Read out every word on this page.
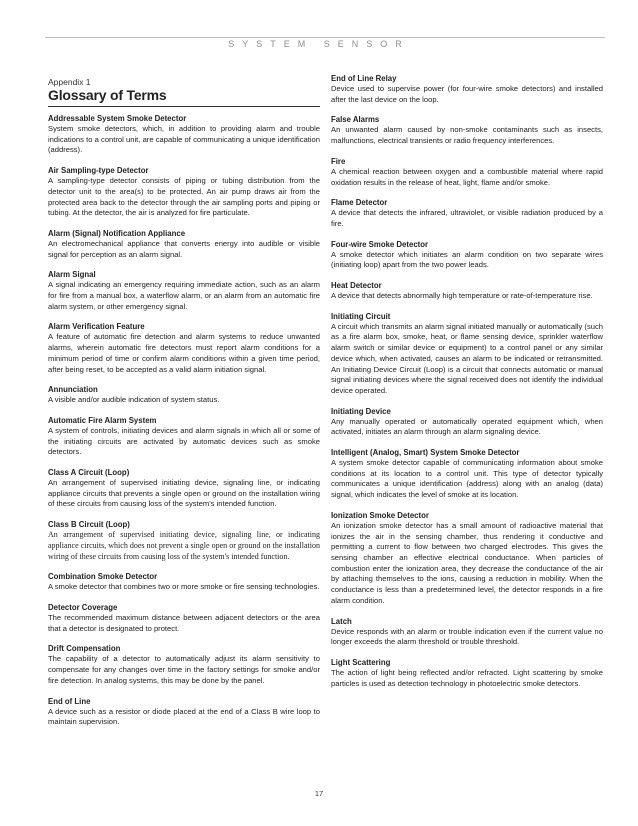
SYSTEM SENSOR
Appendix 1
Glossary of Terms
Addressable System Smoke Detector
System smoke detectors, which, in addition to providing alarm and trouble indications to a control unit, are capable of communicating a unique identification (address).
Air Sampling-type Detector
A sampling-type detector consists of piping or tubing distribution from the detector unit to the area(s) to be protected. An air pump draws air from the protected area back to the detector through the air sampling ports and piping or tubing. At the detector, the air is analyzed for fire particulate.
Alarm (Signal) Notification Appliance
An electromechanical appliance that converts energy into audible or visible signal for perception as an alarm signal.
Alarm Signal
A signal indicating an emergency requiring immediate action, such as an alarm for fire from a manual box, a waterflow alarm, or an alarm from an automatic fire alarm system, or other emergency signal.
Alarm Verification Feature
A feature of automatic fire detection and alarm systems to reduce unwanted alarms, wherein automatic fire detectors must report alarm conditions for a minimum period of time or confirm alarm conditions within a given time period, after being reset, to be accepted as a valid alarm initiation signal.
Annunciation
A visible and/or audible indication of system status.
Automatic Fire Alarm System
A system of controls, initiating devices and alarm signals in which all or some of the initiating circuits are activated by automatic devices such as smoke detectors.
Class A Circuit (Loop)
An arrangement of supervised initiating device, signaling line, or indicating appliance circuits that prevents a single open or ground on the installation wiring of these circuits from causing loss of the system's intended function.
Class B Circuit (Loop)
An arrangement of supervised initiating device, signaling line, or indicating appliance circuits, which does not prevent a single open or ground on the installation wiring of these circuits from causing loss of the system's intended function.
Combination Smoke Detector
A smoke detector that combines two or more smoke or fire sensing technologies.
Detector Coverage
The recommended maximum distance between adjacent detectors or the area that a detector is designated to protect.
Drift Compensation
The capability of a detector to automatically adjust its alarm sensitivity to compensate for any changes over time in the factory settings for smoke and/or fire detection. In analog systems, this may be done by the panel.
End of Line
A device such as a resistor or diode placed at the end of a Class B wire loop to maintain supervision.
End of Line Relay
Device used to supervise power (for four-wire smoke detectors) and installed after the last device on the loop.
False Alarms
An unwanted alarm caused by non-smoke contaminants such as insects, malfunctions, electrical transients or radio frequency interferences.
Fire
A chemical reaction between oxygen and a combustible material where rapid oxidation results in the release of heat, light, flame and/or smoke.
Flame Detector
A device that detects the infrared, ultraviolet, or visible radiation produced by a fire.
Four-wire Smoke Detector
A smoke detector which initiates an alarm condition on two separate wires (initiating loop) apart from the two power leads.
Heat Detector
A device that detects abnormally high temperature or rate-of-temperature rise.
Initiating Circuit
A circuit which transmits an alarm signal initiated manually or automatically (such as a fire alarm box, smoke, heat, or flame sensing device, sprinkler waterflow alarm switch or similar device or equipment) to a control panel or any similar device which, when activated, causes an alarm to be indicated or retransmitted. An Initiating Device Circuit (Loop) is a circuit that connects automatic or manual signal initiating devices where the signal received does not identify the individual device operated.
Initiating Device
Any manually operated or automatically operated equipment which, when activated, initiates an alarm through an alarm signaling device.
Intelligent (Analog, Smart) System Smoke Detector
A system smoke detector capable of communicating information about smoke conditions at its location to a control unit. This type of detector typically communicates a unique identification (address) along with an analog (data) signal, which indicates the level of smoke at its location.
Ionization Smoke Detector
An ionization smoke detector has a small amount of radioactive material that ionizes the air in the sensing chamber, thus rendering it conductive and permitting a current to flow between two charged electrodes. This gives the sensing chamber an effective electrical conductance. When particles of combustion enter the ionization area, they decrease the conductance of the air by attaching themselves to the ions, causing a reduction in mobility. When the conductance is less than a predetermined level, the detector responds in a fire alarm condition.
Latch
Device responds with an alarm or trouble indication even if the current value no longer exceeds the alarm threshold or trouble threshold.
Light Scattering
The action of light being reflected and/or refracted. Light scattering by smoke particles is used as detection technology in photoelectric smoke detectors.
17
